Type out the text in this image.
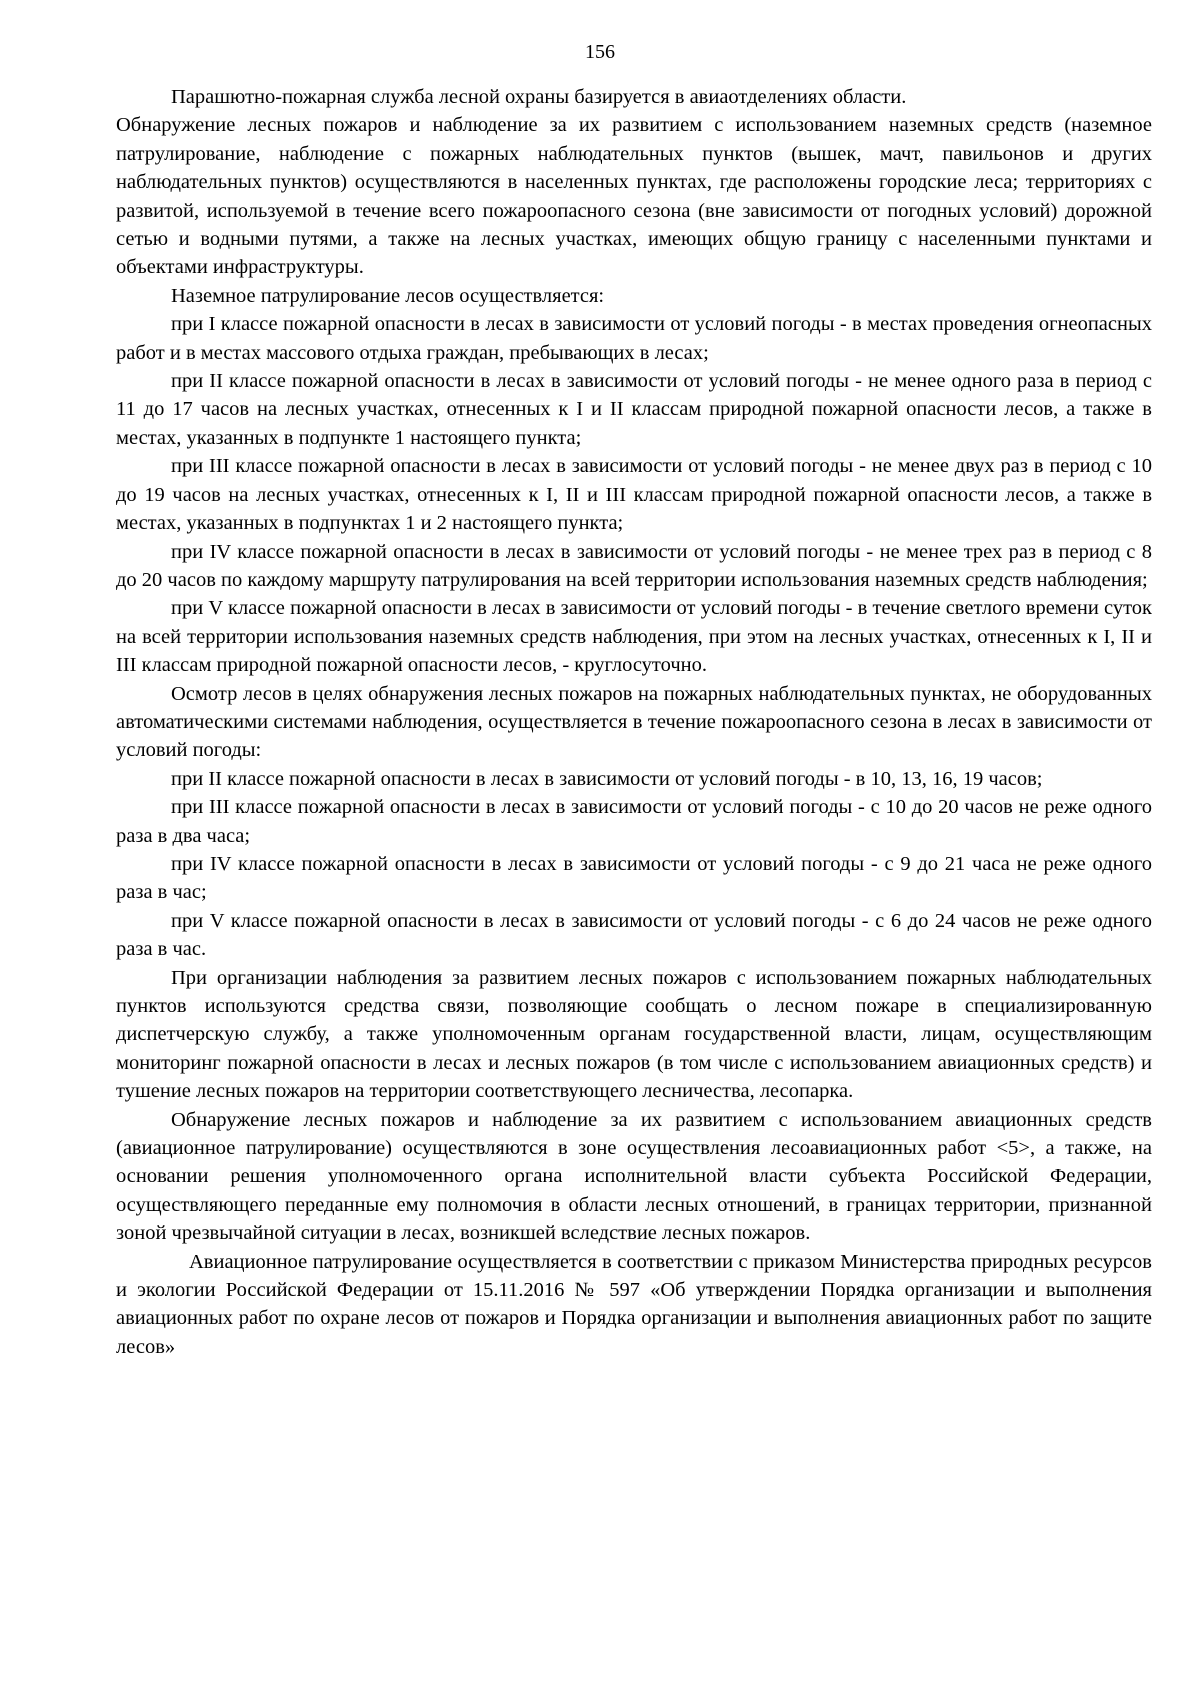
156

Парашютно-пожарная служба лесной охраны базируется в авиаотделениях области.

Обнаружение лесных пожаров и наблюдение за их развитием с использованием наземных средств (наземное патрулирование, наблюдение с пожарных наблюдательных пунктов (вышек, мачт, павильонов и других наблюдательных пунктов) осуществляются в населенных пунктах, где расположены городские леса; территориях с развитой, используемой в течение всего пожароопасного сезона (вне зависимости от погодных условий) дорожной сетью и водными путями, а также на лесных участках, имеющих общую границу с населенными пунктами и объектами инфраструктуры.

Наземное патрулирование лесов осуществляется:

при I классе пожарной опасности в лесах в зависимости от условий погоды - в местах проведения огнеопасных работ и в местах массового отдыха граждан, пребывающих в лесах;

при II классе пожарной опасности в лесах в зависимости от условий погоды - не менее одного раза в период с 11 до 17 часов на лесных участках, отнесенных к I и II классам природной пожарной опасности лесов, а также в местах, указанных в подпункте 1 настоящего пункта;

при III классе пожарной опасности в лесах в зависимости от условий погоды - не менее двух раз в период с 10 до 19 часов на лесных участках, отнесенных к I, II и III классам природной пожарной опасности лесов, а также в местах, указанных в подпунктах 1 и 2 настоящего пункта;

при IV классе пожарной опасности в лесах в зависимости от условий погоды - не менее трех раз в период с 8 до 20 часов по каждому маршруту патрулирования на всей территории использования наземных средств наблюдения;

при V классе пожарной опасности в лесах в зависимости от условий погоды - в течение светлого времени суток на всей территории использования наземных средств наблюдения, при этом на лесных участках, отнесенных к I, II и III классам природной пожарной опасности лесов, - круглосуточно.

Осмотр лесов в целях обнаружения лесных пожаров на пожарных наблюдательных пунктах, не оборудованных автоматическими системами наблюдения, осуществляется в течение пожароопасного сезона в лесах в зависимости от условий погоды:

при II классе пожарной опасности в лесах в зависимости от условий погоды - в 10, 13, 16, 19 часов;

при III классе пожарной опасности в лесах в зависимости от условий погоды - с 10 до 20 часов не реже одного раза в два часа;

при IV классе пожарной опасности в лесах в зависимости от условий погоды - с 9 до 21 часа не реже одного раза в час;

при V классе пожарной опасности в лесах в зависимости от условий погоды - с 6 до 24 часов не реже одного раза в час.

При организации наблюдения за развитием лесных пожаров с использованием пожарных наблюдательных пунктов используются средства связи, позволяющие сообщать о лесном пожаре в специализированную диспетчерскую службу, а также уполномоченным органам государственной власти, лицам, осуществляющим мониторинг пожарной опасности в лесах и лесных пожаров (в том числе с использованием авиационных средств) и тушение лесных пожаров на территории соответствующего лесничества, лесопарка.

Обнаружение лесных пожаров и наблюдение за их развитием с использованием авиационных средств (авиационное патрулирование) осуществляются в зоне осуществления лесоавиационных работ <5>, а также, на основании решения уполномоченного органа исполнительной власти субъекта Российской Федерации, осуществляющего переданные ему полномочия в области лесных отношений, в границах территории, признанной зоной чрезвычайной ситуации в лесах, возникшей вследствие лесных пожаров.

Авиационное патрулирование осуществляется в соответствии с приказом Министерства природных ресурсов и экологии Российской Федерации от 15.11.2016 № 597 «Об утверждении Порядка организации и выполнения авиационных работ по охране лесов от пожаров и Порядка организации и выполнения авиационных работ по защите лесов»
